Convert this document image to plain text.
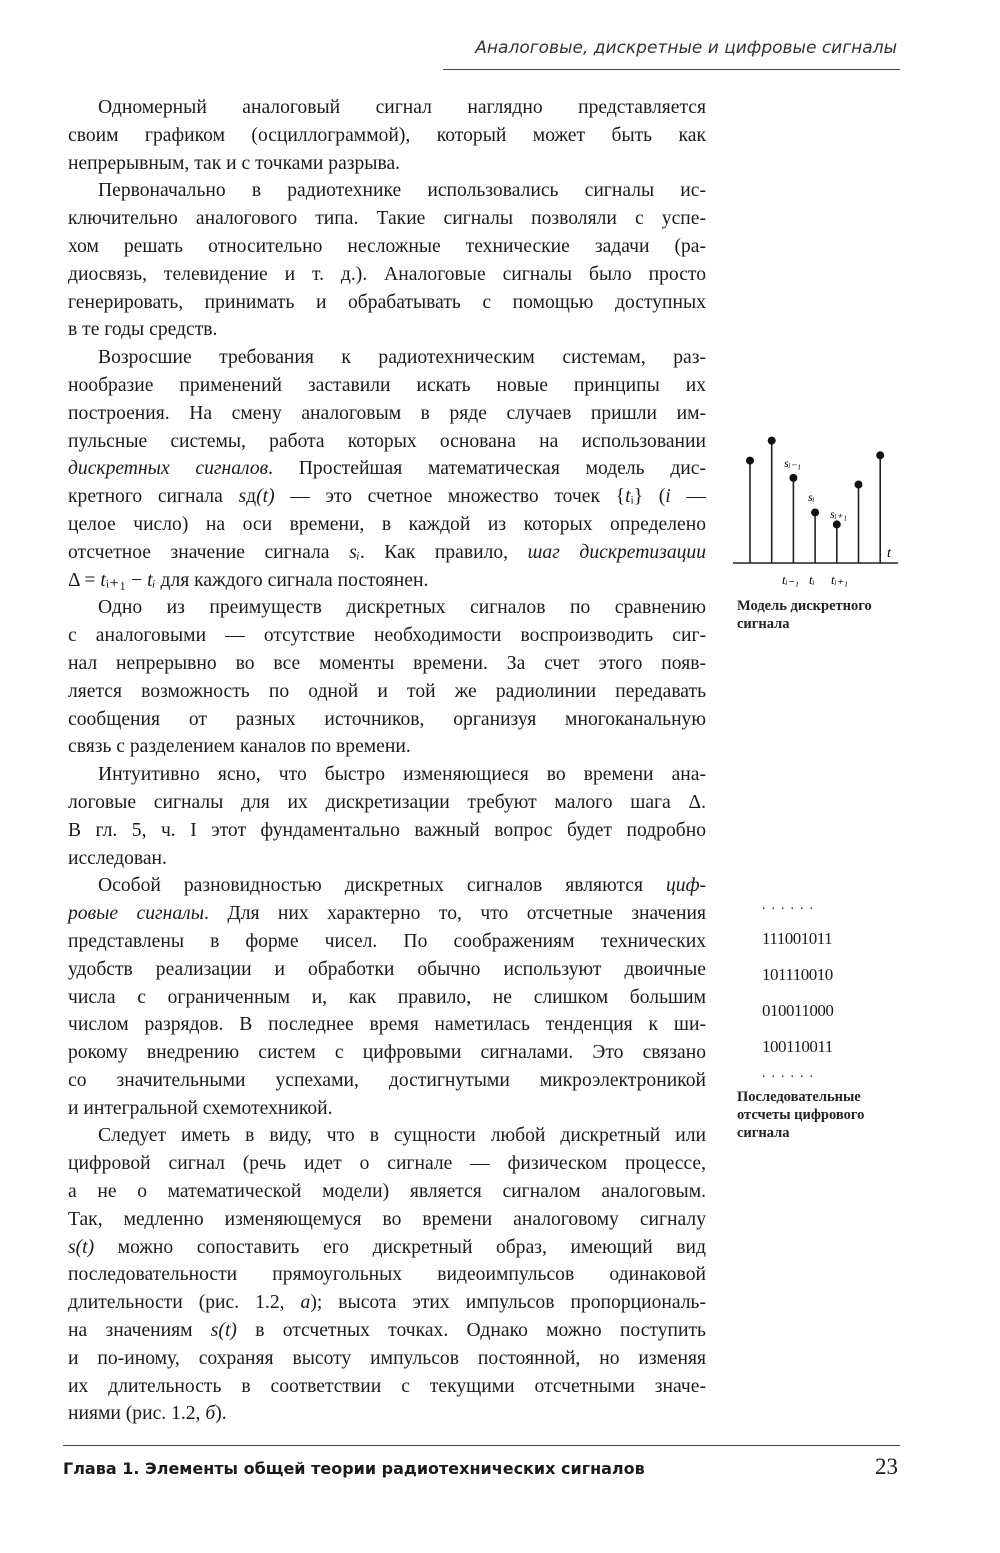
Аналоговые, дискретные и цифровые сигналы
Одномерный аналоговый сигнал наглядно представляется
своим графиком (осциллограммой), который может быть как
непрерывным, так и с точками разрыва.
Первоначально в радиотехнике использовались сигналы ис-
ключительно аналогового типа. Такие сигналы позволяли с успе-
хом решать относительно несложные технические задачи (ра-
диосвязь, телевидение и т. д.). Аналоговые сигналы было просто
генерировать, принимать и обрабатывать с помощью доступных
в те годы средств.
Возросшие требования к радиотехническим системам, раз-
нообразие применений заставили искать новые принципы их
построения. На смену аналоговым в ряде случаев пришли им-
пульсные системы, работа которых основана на использовании
дискретных сигналов. Простейшая математическая модель дис-
кретного сигнала sд(t) — это счетное множество точек {tᵢ} (i —
целое число) на оси времени, в каждой из которых определено
отсчетное значение сигнала sᵢ. Как правило, шаг дискретизации
Δ = tᵢ₊₁ − tᵢ для каждого сигнала постоянен.
Одно из преимуществ дискретных сигналов по сравнению
с аналоговыми — отсутствие необходимости воспроизводить сиг-
нал непрерывно во все моменты времени. За счет этого появ-
ляется возможность по одной и той же радиолинии передавать
сообщения от разных источников, организуя многоканальную
связь с разделением каналов по времени.
Интуитивно ясно, что быстро изменяющиеся во времени ана-
логовые сигналы для их дискретизации требуют малого шага Δ.
В гл. 5, ч. I этот фундаментально важный вопрос будет подробно
исследован.
Особой разновидностью дискретных сигналов являются циф-
ровые сигналы. Для них характерно то, что отсчетные значения
представлены в форме чисел. По соображениям технических
удобств реализации и обработки обычно используют двоичные
числа с ограниченным и, как правило, не слишком большим
числом разрядов. В последнее время наметилась тенденция к ши-
рокому внедрению систем с цифровыми сигналами. Это связано
со значительными успехами, достигнутыми микроэлектроникой
и интегральной схемотехникой.
Следует иметь в виду, что в сущности любой дискретный или
цифровой сигнал (речь идет о сигнале — физическом процессе,
а не о математической модели) является сигналом аналоговым.
Так, медленно изменяющемуся во времени аналоговому сигналу
s(t) можно сопоставить его дискретный образ, имеющий вид
последовательности прямоугольных видеоимпульсов одинаковой
длительности (рис. 1.2, а); высота этих импульсов пропорциональ-
на значениям s(t) в отсчетных точках. Однако можно поступить
и по-иному, сохраняя высоту импульсов постоянной, но изменяя
их длительность в соответствии с текущими отсчетными значе-
ниями (рис. 1.2, б).
sᵢ₋₁
sᵢ
sᵢ₊₁
t
tᵢ₋₁ tᵢ tᵢ₊₁
Модель дискретного сигнала
......
111001011
101110010
010011000
100110011
......
Последовательные отсчеты цифрового сигнала
Глава 1. Элементы общей теории радиотехнических сигналов	23
